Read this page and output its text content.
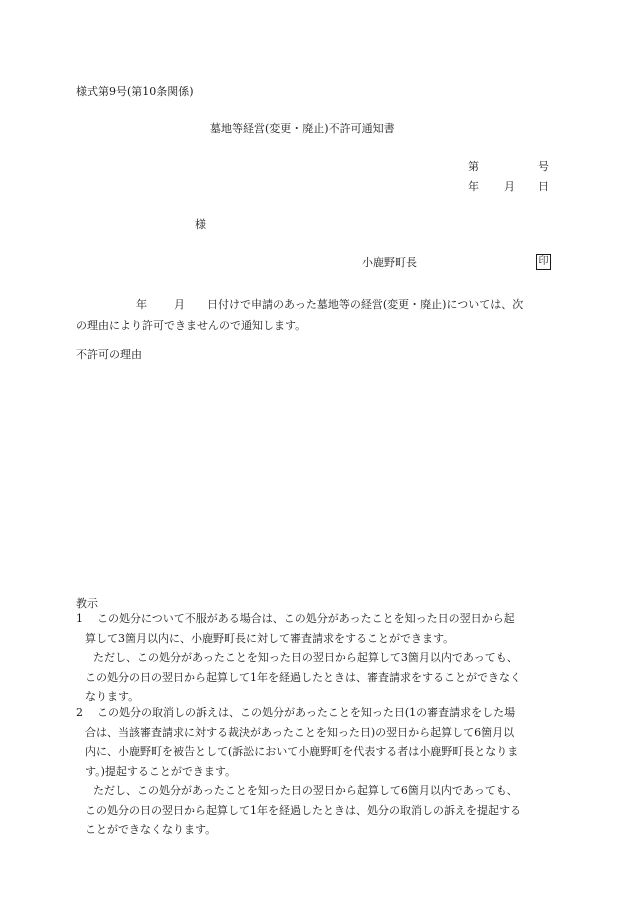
様式第9号(第10条関係)
墓地等経営(変更・廃止)不許可通知書
第	号
年 月 日
様
小鹿野町長	印
年 月 日付けで申請のあった墓地等の経営(変更・廃止)については、次
の理由により許可できませんので通知します。
不許可の理由
教示
1 この処分について不服がある場合は、この処分があったことを知った日の翌日から起
算して3箇月以内に、小鹿野町長に対して審査請求をすることができます。
ただし、この処分があったことを知った日の翌日から起算して3箇月以内であっても、
この処分の日の翌日から起算して1年を経過したときは、審査請求をすることができなく
なります。
2 この処分の取消しの訴えは、この処分があったことを知った日(1の審査請求をした場
合は、当該審査請求に対する裁決があったことを知った日)の翌日から起算して6箇月以
内に、小鹿野町を被告として(訴訟において小鹿野町を代表する者は小鹿野町長となりま
す。)提起することができます。
ただし、この処分があったことを知った日の翌日から起算して6箇月以内であっても、
この処分の日の翌日から起算して1年を経過したときは、処分の取消しの訴えを提起する
ことができなくなります。
